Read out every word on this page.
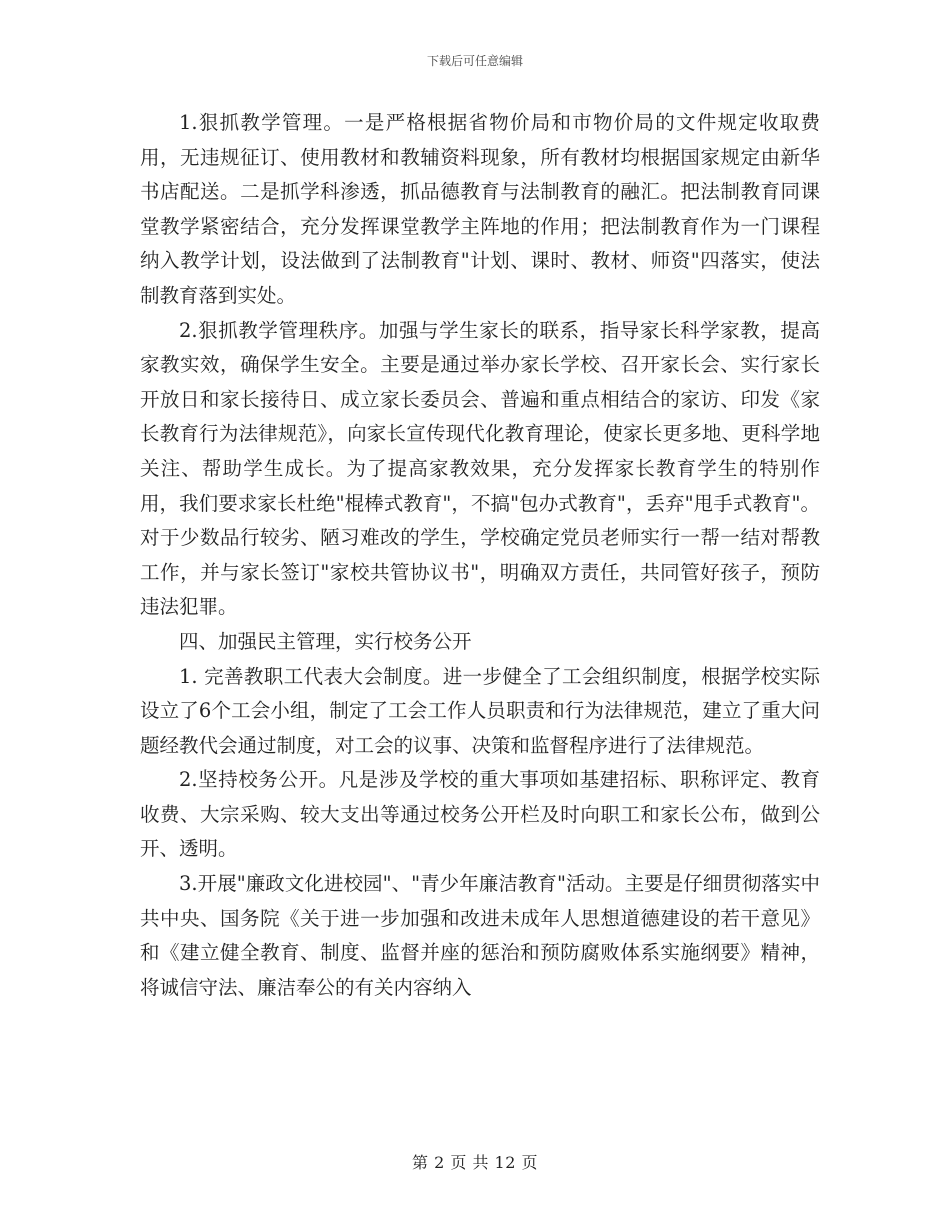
下载后可任意编辑

1.狠抓教学管理。一是严格根据省物价局和市物价局的文件规定收取费用，无违规征订、使用教材和教辅资料现象，所有教材均根据国家规定由新华书店配送。二是抓学科渗透，抓品德教育与法制教育的融汇。把法制教育同课堂教学紧密结合，充分发挥课堂教学主阵地的作用；把法制教育作为一门课程纳入教学计划，设法做到了法制教育"计划、课时、教材、师资"四落实，使法制教育落到实处。

2.狠抓教学管理秩序。加强与学生家长的联系，指导家长科学家教，提高家教实效，确保学生安全。主要是通过举办家长学校、召开家长会、实行家长开放日和家长接待日、成立家长委员会、普遍和重点相结合的家访、印发《家长教育行为法律规范》，向家长宣传现代化教育理论，使家长更多地、更科学地关注、帮助学生成长。为了提高家教效果，充分发挥家长教育学生的特别作用，我们要求家长杜绝"棍棒式教育"，不搞"包办式教育"，丢弃"甩手式教育"。对于少数品行较劣、陋习难改的学生，学校确定党员老师实行一帮一结对帮教工作，并与家长签订"家校共管协议书"，明确双方责任，共同管好孩子，预防违法犯罪。

四、加强民主管理，实行校务公开

1. 完善教职工代表大会制度。进一步健全了工会组织制度，根据学校实际设立了6个工会小组，制定了工会工作人员职责和行为法律规范，建立了重大问题经教代会通过制度，对工会的议事、决策和监督程序进行了法律规范。

2.坚持校务公开。凡是涉及学校的重大事项如基建招标、职称评定、教育收费、大宗采购、较大支出等通过校务公开栏及时向职工和家长公布，做到公开、透明。

3.开展"廉政文化进校园"、"青少年廉洁教育"活动。主要是仔细贯彻落实中共中央、国务院《关于进一步加强和改进未成年人思想道德建设的若干意见》和《建立健全教育、制度、监督并座的惩治和预防腐败体系实施纲要》精神，将诚信守法、廉洁奉公的有关内容纳入

第 2 页 共 12 页
